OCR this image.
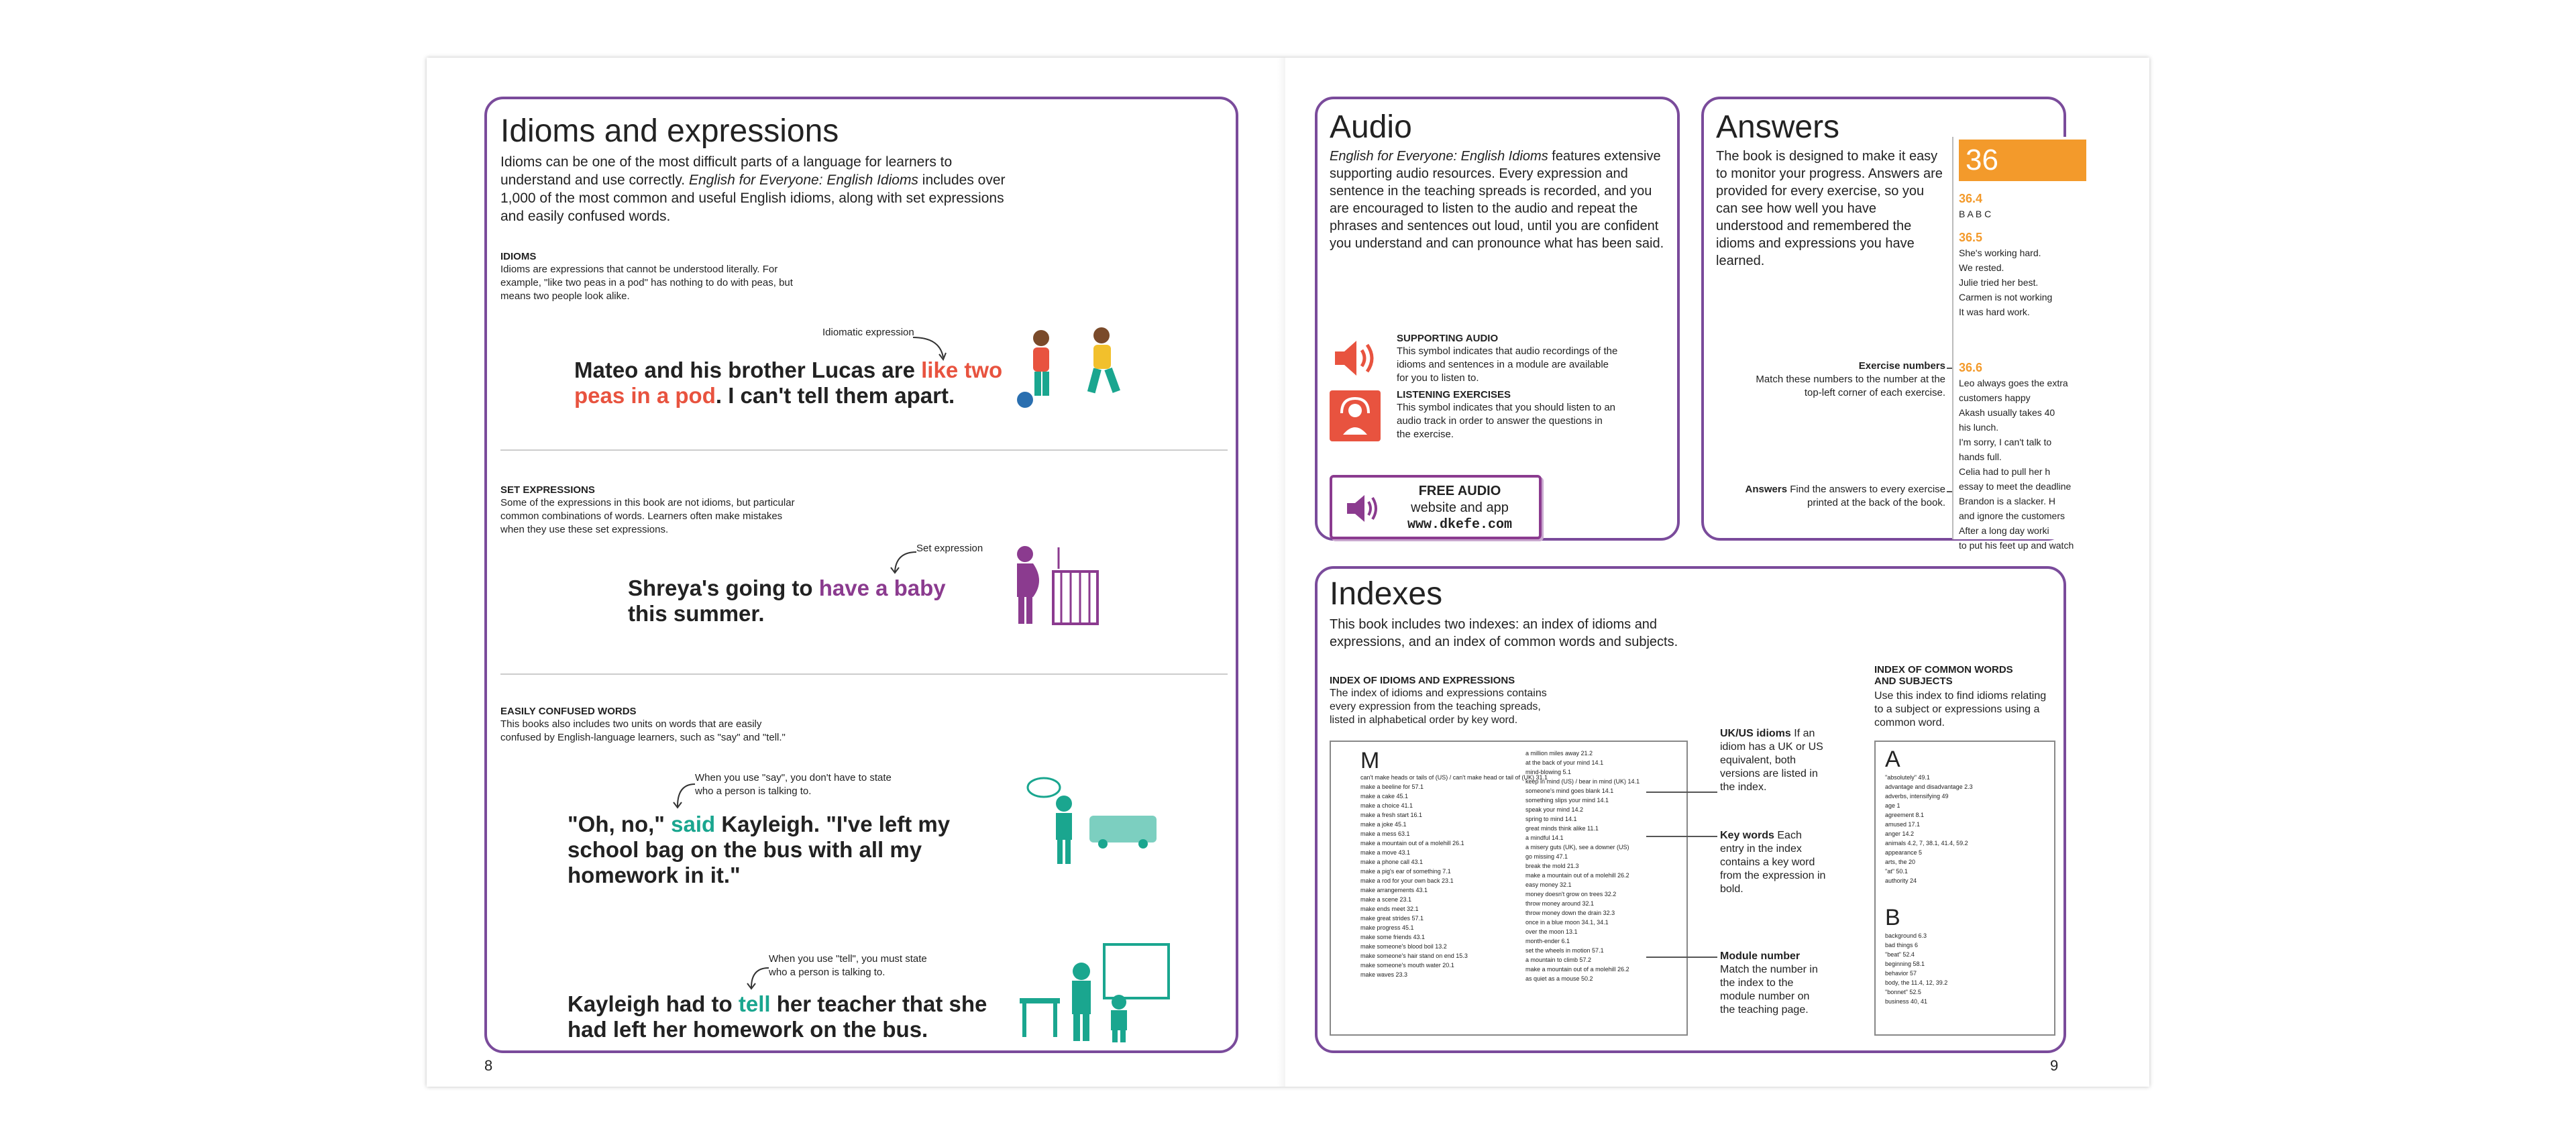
Idioms and expressions
Idioms can be one of the most difficult parts of a language for learners to understand and use correctly. English for Everyone: English Idioms includes over 1,000 of the most common and useful English idioms, along with set expressions and easily confused words.
IDIOMS
Idioms are expressions that cannot be understood literally. For example, "like two peas in a pod" has nothing to do with peas, but means two people look alike.
Idiomatic expression
Mateo and his brother Lucas are like two peas in a pod. I can't tell them apart.
SET EXPRESSIONS
Some of the expressions in this book are not idioms, but particular common combinations of words. Learners often make mistakes when they use these set expressions.
Set expression
Shreya's going to have a baby
this summer.
EASILY CONFUSED WORDS
This books also includes two units on words that are easily confused by English-language learners, such as "say" and "tell."
When you use "say", you don't have to state who a person is talking to.
"Oh, no," said Kayleigh. "I've left my school bag on the bus with all my homework in it."
When you use "tell", you must state who a person is talking to.
Kayleigh had to tell her teacher that she had left her homework on the bus.
8
Audio
English for Everyone: English Idioms features extensive supporting audio resources. Every expression and sentence in the teaching spreads is recorded, and you are encouraged to listen to the audio and repeat the phrases and sentences out loud, until you are confident you understand and can pronounce what has been said.
SUPPORTING AUDIO
This symbol indicates that audio recordings of the idioms and sentences in a module are available for you to listen to.
LISTENING EXERCISES
This symbol indicates that you should listen to an audio track in order to answer the questions in the exercise.
FREE AUDIO
website and app
www.dkefe.com
Answers
The book is designed to make it easy to monitor your progress. Answers are provided for every exercise, so you can see how well you have understood and remembered the idioms and expressions you have learned.
Exercise numbers
Match these numbers to the number at the top-left corner of each exercise.
Answers Find the answers to every exercise printed at the back of the book.
36
36.4
B A B C
36.5
She's working hard.
We rested.
Julie tried her best.
Carmen is not working
It was hard work.
36.6
Leo always goes the extra
customers happy
Akash usually takes 40
his lunch.
I'm sorry, I can't talk to
hands full.
Celia had to pull her h
essay to meet the deadline
Brandon is a slacker. H
and ignore the customers
After a long day worki
to put his feet up and watch
Indexes
This book includes two indexes: an index of idioms and expressions, and an index of common words and subjects.
INDEX OF IDIOMS AND EXPRESSIONS
The index of idioms and expressions contains every expression from the teaching spreads, listed in alphabetical order by key word.
M
can't make heads or tails of (US) / can't make head or tail of (UK) 31.1
make a beeline for 57.1
make a cake 45.1
make a choice 41.1
make a fresh start 16.1
make a joke 45.1
make a mess 63.1
make a mountain out of a molehill 26.1
make a move 43.1
make a phone call 43.1
make a pig's ear of something 7.1
make a rod for your own back 23.1
make arrangements 43.1
make a scene 23.1
make ends meet 32.1
make great strides 57.1
make progress 45.1
make some friends 43.1
make someone's blood boil 13.2
make someone's hair stand on end 15.3
make someone's mouth water 20.1
make waves 23.3
a million miles away 21.2
at the back of your mind 14.1
mind-blowing 5.1
keep in mind (US) / bear in mind (UK) 14.1
someone's mind goes blank 14.1
something slips your mind 14.1
speak your mind 14.2
spring to mind 14.1
great minds think alike 11.1
a mindful 14.1
a misery guts (UK), see a downer (US)
go missing 47.1
break the mold 21.3
make a mountain out of a molehill 26.2
easy money 32.1
money doesn't grow on trees 32.2
throw money around 32.1
throw money down the drain 32.3
once in a blue moon 34.1, 34.1
over the moon 13.1
month-ender 6.1
set the wheels in motion 57.1
a mountain to climb 57.2
make a mountain out of a molehill 26.2
as quiet as a mouse 50.2
UK/US idioms If an idiom has a UK or US equivalent, both versions are listed in the index.
Key words Each entry in the index contains a key word from the expression in bold.
Module number
Match the number in the index to the module number on the teaching page.
INDEX OF COMMON WORDS AND SUBJECTS
Use this index to find idioms relating to a subject or expressions using a common word.
A
"absolutely" 49.1
advantage and disadvantage 2.3
adverbs, intensifying 49
age 1
agreement 8.1
amused 17.1
anger 14.2
animals 4.2, 7, 38.1, 41.4, 59.2
appearance 5
arts, the 20
"at" 50.1
authority 24
B
background 6.3
bad things 6
"beat" 52.4
beginning 58.1
behavior 57
body, the 11.4, 12, 39.2
"bonnet" 52.5
business 40, 41
9
